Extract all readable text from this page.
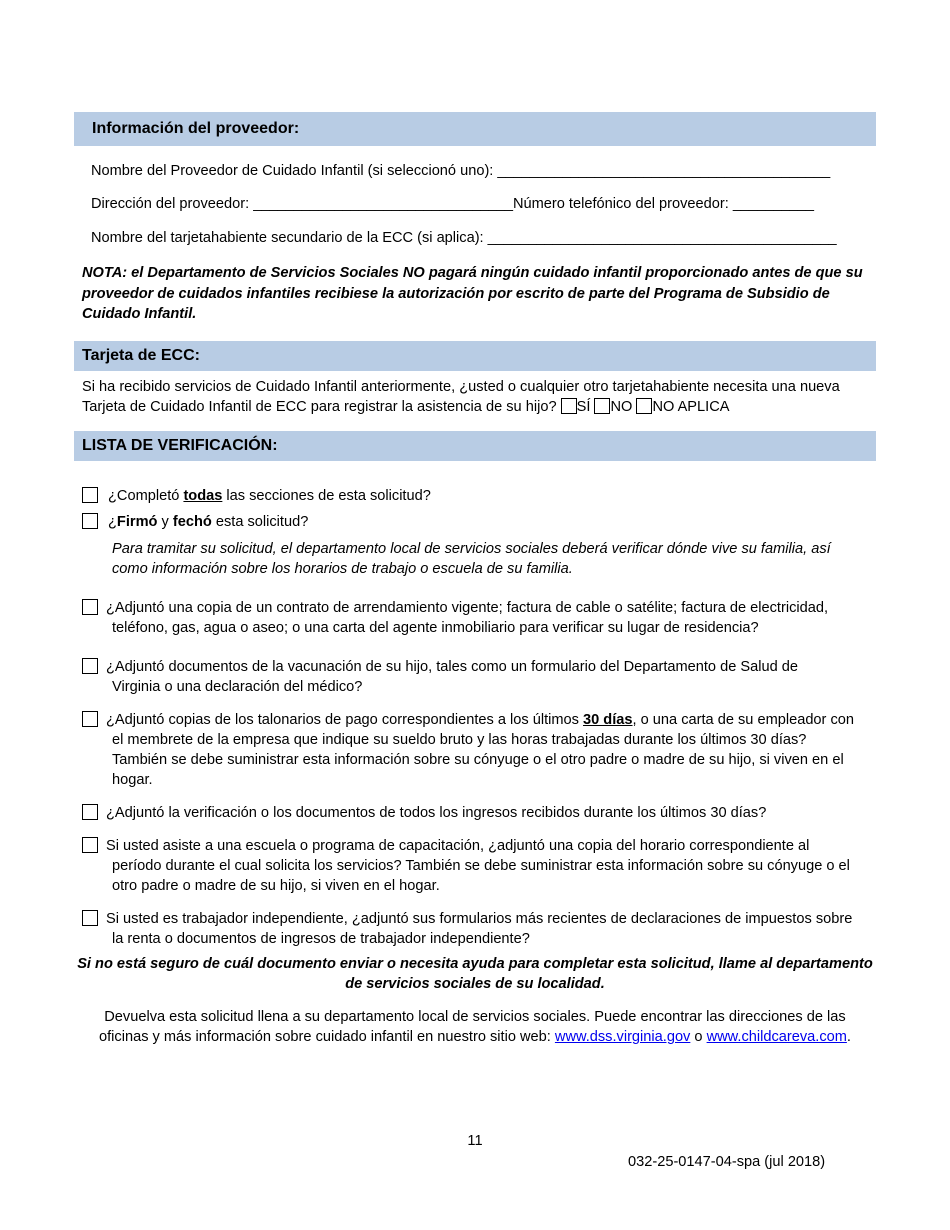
Información del proveedor:
Nombre del Proveedor de Cuidado Infantil (si seleccionó uno): _________________________________________
Dirección del proveedor: ________________________________Número telefónico del proveedor: __________
Nombre del tarjetahabiente secundario de la ECC (si aplica): ___________________________________________
NOTA: el Departamento de Servicios Sociales NO pagará ningún cuidado infantil proporcionado antes de que su proveedor de cuidados infantiles recibiese la autorización por escrito de parte del Programa de Subsidio de Cuidado Infantil.
Tarjeta de ECC:
Si ha recibido servicios de Cuidado Infantil anteriormente, ¿usted o cualquier otro tarjetahabiente necesita una nueva
Tarjeta de Cuidado Infantil de ECC para registrar la asistencia de su hijo? SÍ NO NO APLICA
LISTA DE VERIFICACIÓN:
¿Completó todas las secciones de esta solicitud?
¿Firmó y fechó esta solicitud?
Para tramitar su solicitud, el departamento local de servicios sociales deberá verificar dónde vive su familia, así como información sobre los horarios de trabajo o escuela de su familia.
¿Adjuntó una copia de un contrato de arrendamiento vigente; factura de cable o satélite; factura de electricidad,
teléfono, gas, agua o aseo; o una carta del agente inmobiliario para verificar su lugar de residencia?
¿Adjuntó documentos de la vacunación de su hijo, tales como un formulario del Departamento de Salud de
Virginia o una declaración del médico?
¿Adjuntó copias de los talonarios de pago correspondientes a los últimos 30 días, o una carta de su empleador con
el membrete de la empresa que indique su sueldo bruto y las horas trabajadas durante los últimos 30 días?
También se debe suministrar esta información sobre su cónyuge o el otro padre o madre de su hijo, si viven en el
hogar.
¿Adjuntó la verificación o los documentos de todos los ingresos recibidos durante los últimos 30 días?
Si usted asiste a una escuela o programa de capacitación, ¿adjuntó una copia del horario correspondiente al
período durante el cual solicita los servicios? También se debe suministrar esta información sobre su cónyuge o el
otro padre o madre de su hijo, si viven en el hogar.
Si usted es trabajador independiente, ¿adjuntó sus formularios más recientes de declaraciones de impuestos sobre
la renta o documentos de ingresos de trabajador independiente?
Si no está seguro de cuál documento enviar o necesita ayuda para completar esta solicitud, llame al departamento
de servicios sociales de su localidad.
Devuelva esta solicitud llena a su departamento local de servicios sociales. Puede encontrar las direcciones de las
oficinas y más información sobre cuidado infantil en nuestro sitio web: www.dss.virginia.gov o www.childcareva.com.
11
032-25-0147-04-spa (jul 2018)
